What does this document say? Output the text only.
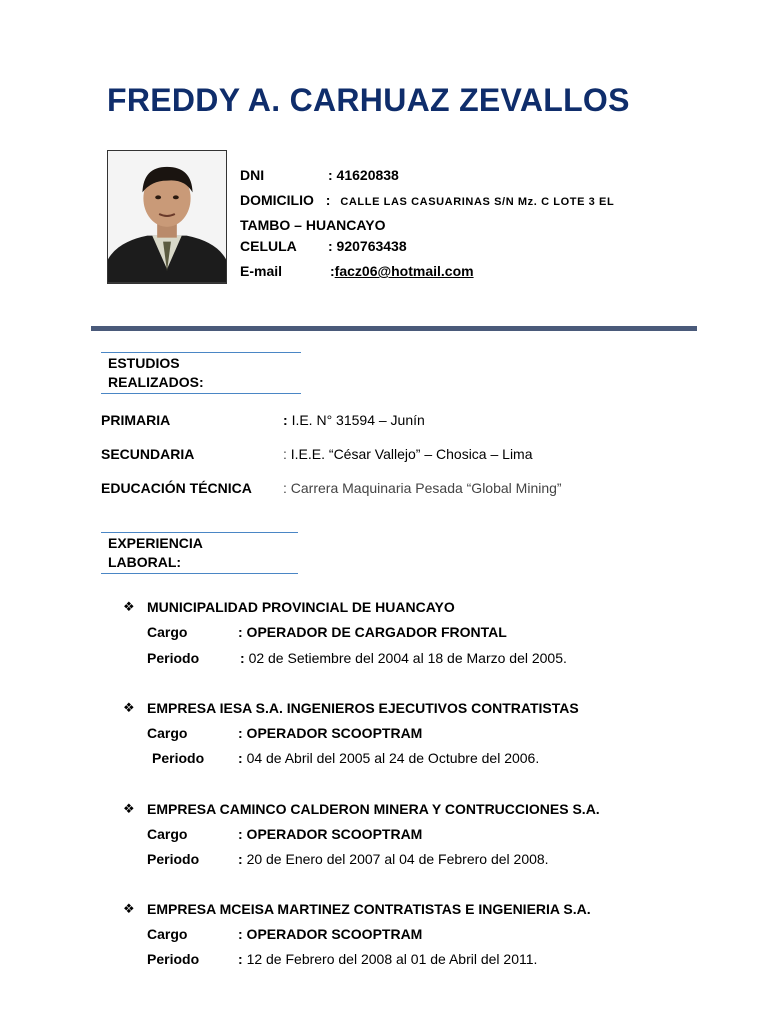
FREDDY A. CARHUAZ ZEVALLOS
DNI	: 41620838
DOMICILIO : CALLE LAS CASUARINAS S/N Mz. C LOTE 3 EL
TAMBO – HUANCAYO
CELULA : 920763438
E-mail	:facz06@hotmail.com
ESTUDIOS
REALIZADOS:
PRIMARIA	: I.E. N° 31594 – Junín
SECUNDARIA	: I.E.E. “César Vallejo” – Chosica – Lima
EDUCACIÓN TÉCNICA : Carrera Maquinaria Pesada “Global Mining”
EXPERIENCIA
LABORAL:
❖ MUNICIPALIDAD PROVINCIAL DE HUANCAYO
Cargo	: OPERADOR DE CARGADOR FRONTAL
Periodo	: 02 de Setiembre del 2004 al 18 de Marzo del 2005.
❖ EMPRESA IESA S.A. INGENIEROS EJECUTIVOS CONTRATISTAS
Cargo	: OPERADOR SCOOPTRAM
Periodo : 04 de Abril del 2005 al 24 de Octubre del 2006.
❖ EMPRESA CAMINCO CALDERON MINERA Y CONTRUCCIONES S.A.
Cargo	: OPERADOR SCOOPTRAM
Periodo	: 20 de Enero del 2007 al 04 de Febrero del 2008.
❖ EMPRESA MCEISA MARTINEZ CONTRATISTAS E INGENIERIA S.A.
Cargo	: OPERADOR SCOOPTRAM
Periodo	: 12 de Febrero del 2008 al 01 de Abril del 2011.
